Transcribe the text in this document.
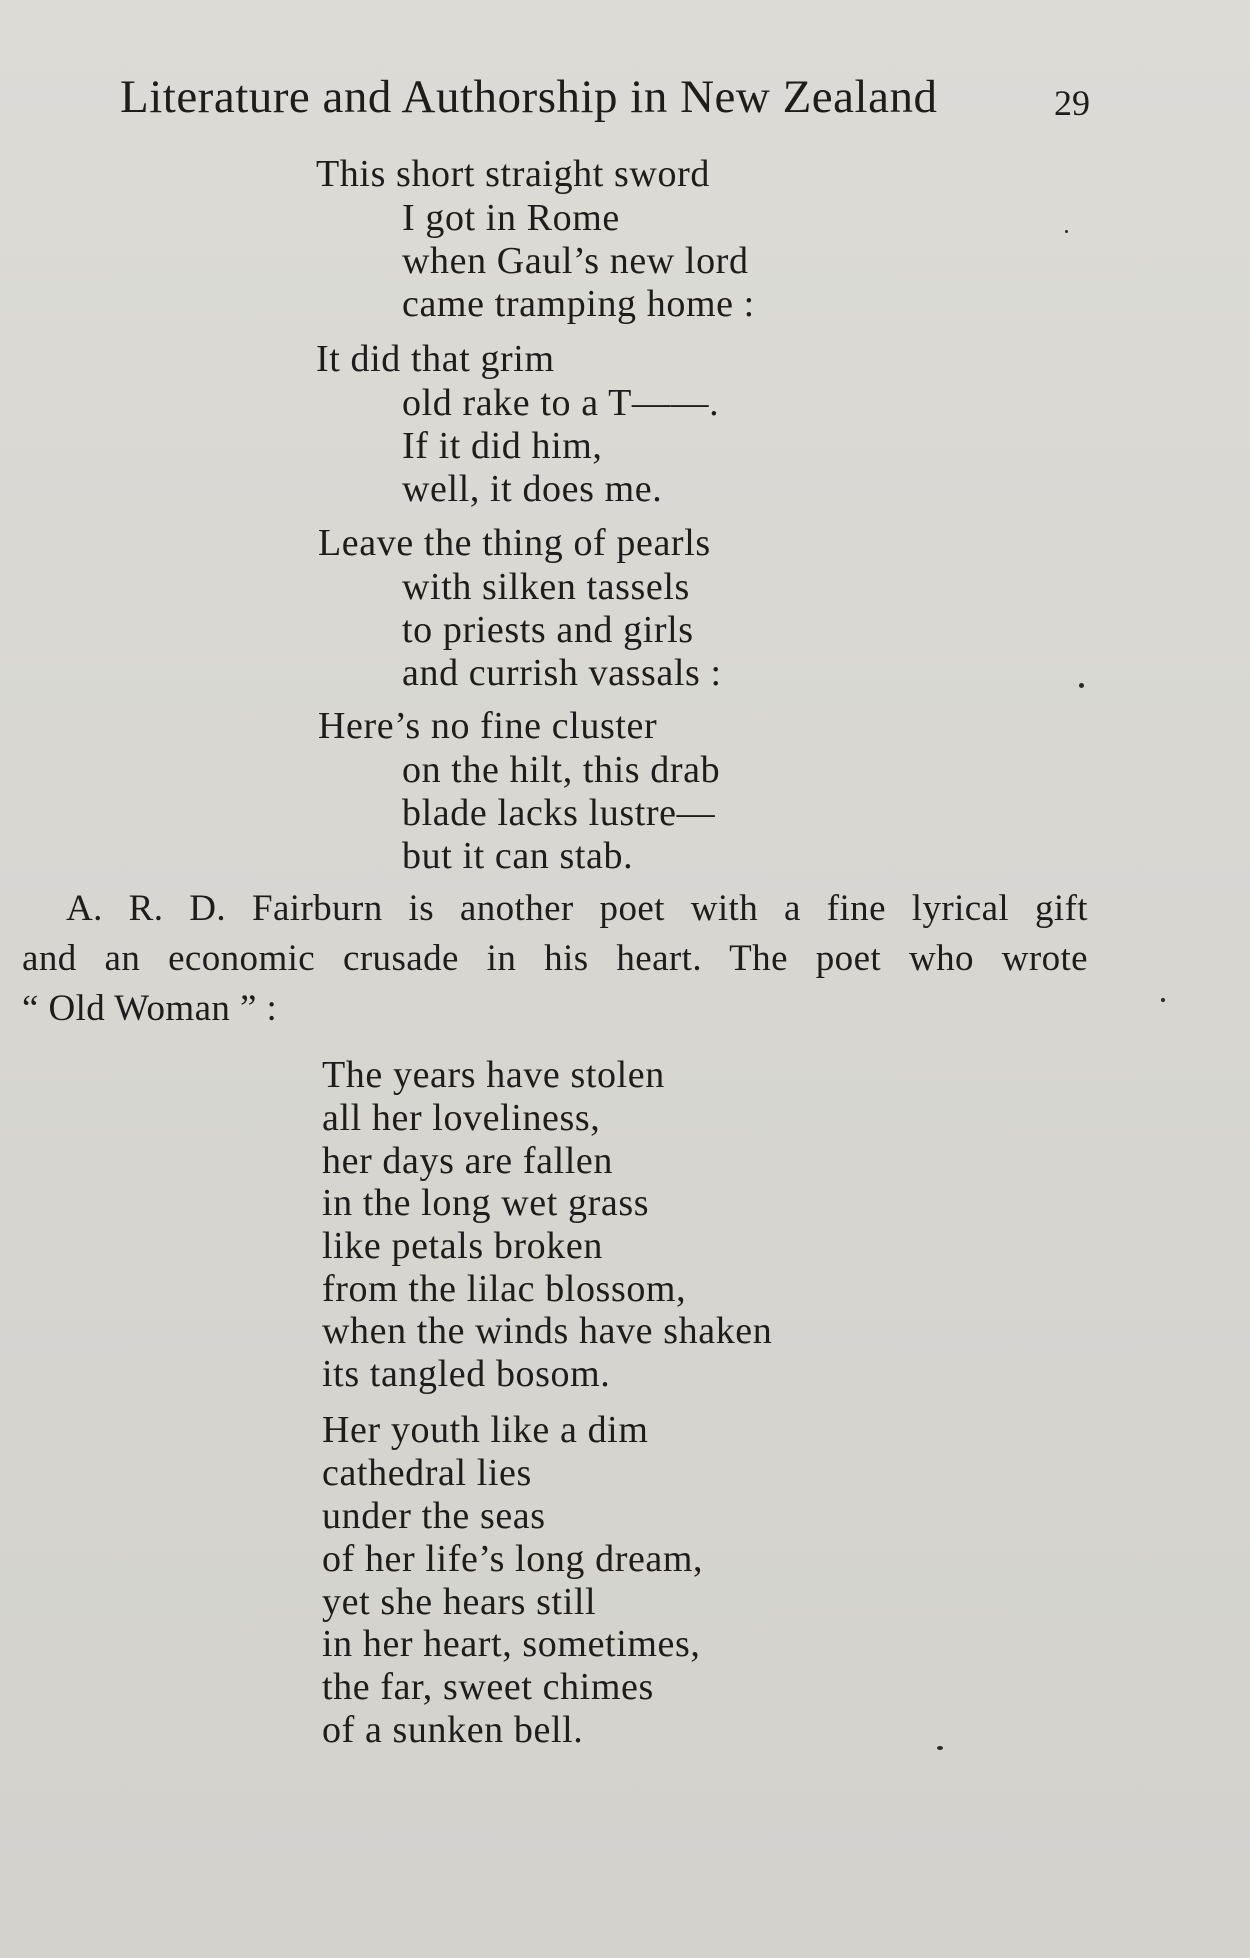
Literature and Authorship in New Zealand	29
This short straight sword
I got in Rome
when Gaul’s new lord
came tramping home :
It did that grim
old rake to a T——.
If it did him,
well, it does me.
Leave the thing of pearls
with silken tassels
to priests and girls
and currish vassals :
Here’s no fine cluster
on the hilt, this drab
blade lacks lustre—
but it can stab.
A. R. D. Fairburn is another poet with a fine lyrical gift
and an economic crusade in his heart. The poet who wrote
“ Old Woman ” :
The years have stolen
all her loveliness,
her days are fallen
in the long wet grass
like petals broken
from the lilac blossom,
when the winds have shaken
its tangled bosom.
Her youth like a dim
cathedral lies
under the seas
of her life’s long dream,
yet she hears still
in her heart, sometimes,
the far, sweet chimes
of a sunken bell.
